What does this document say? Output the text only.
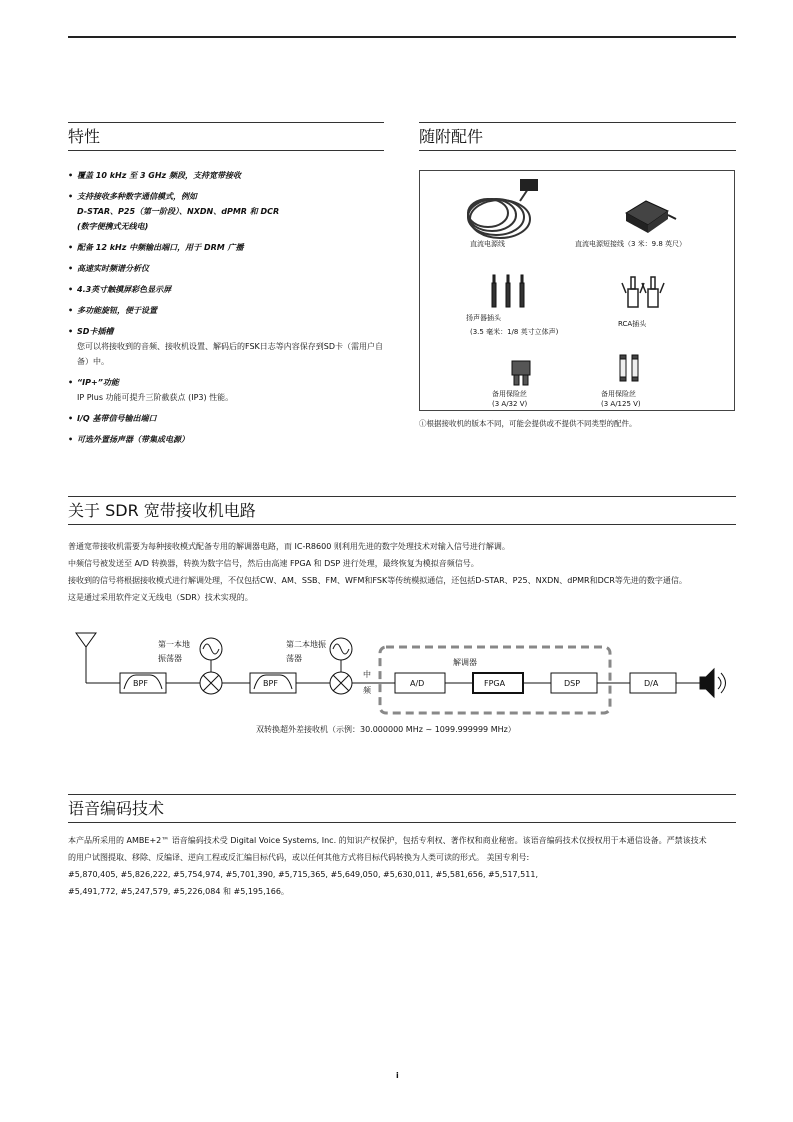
特性
• 覆盖 10 kHz 至 3 GHz 频段，支持宽带接收
• 支持接收多种数字通信模式，例如
D-STAR、P25（第一阶段）、NXDN、dPMR 和 DCR
(数字便携式无线电)
• 配备 12 kHz 中频输出端口，用于 DRM 广播
• 高速实时频谱分析仪
• 4.3英寸触摸屏彩色显示屏
• 多功能旋钮，便于设置
• SD卡插槽
您可以将接收到的音频、接收机设置、解码后的FSK日志等内容保存到SD卡（需用户自
备）中。
• “IP+”功能
IP Plus 功能可提升三阶截获点 (IP3) 性能。
• I/Q 基带信号输出端口
• 可选外置扬声器（带集成电源）
随附配件
直流电源线	直流电源短接线（3 米：9.8 英尺）
扬声器插头
(3.5 毫米：1/8 英寸立体声)
RCA插头
备用保险丝
(3 A/32 V)
备用保险丝
(3 A/125 V)
ⓘ根据接收机的版本不同，可能会提供或不提供不同类型的配件。
关于 SDR 宽带接收机电路
普通宽带接收机需要为每种接收模式配备专用的解调器电路，而 IC-R8600 则利用先进的数字处理技术对输入信号进行解调。
中频信号被发送至 A/D 转换器，转换为数字信号，然后由高速 FPGA 和 DSP 进行处理，最终恢复为模拟音频信号。
接收到的信号将根据接收模式进行解调处理，不仅包括CW、AM、SSB、FM、WFM和FSK等传统模拟通信，还包括D-STAR、P25、NXDN、dPMR和DCR等先进的数字通信。
这是通过采用软件定义无线电（SDR）技术实现的。
BPF	BPF
第一本地
振荡器
第二本地振
荡器
中
频
解调器
A/D	FPGA	DSP	D/A
双转换超外差接收机（示例：30.000000 MHz ~ 1099.999999 MHz）
语音编码技术
本产品所采用的 AMBE+2™ 语音编码技术受 Digital Voice Systems, Inc. 的知识产权保护，包括专利权、著作权和商业秘密。该语音编码技术仅授权用于本通信设备。严禁该技术
的用户试图提取、移除、反编译、逆向工程或反汇编目标代码，或以任何其他方式将目标代码转换为人类可读的形式。 美国专利号:
#5,870,405, #5,826,222, #5,754,974, #5,701,390, #5,715,365, #5,649,050, #5,630,011, #5,581,656, #5,517,511,
#5,491,772, #5,247,579, #5,226,084 和 #5,195,166。
i
